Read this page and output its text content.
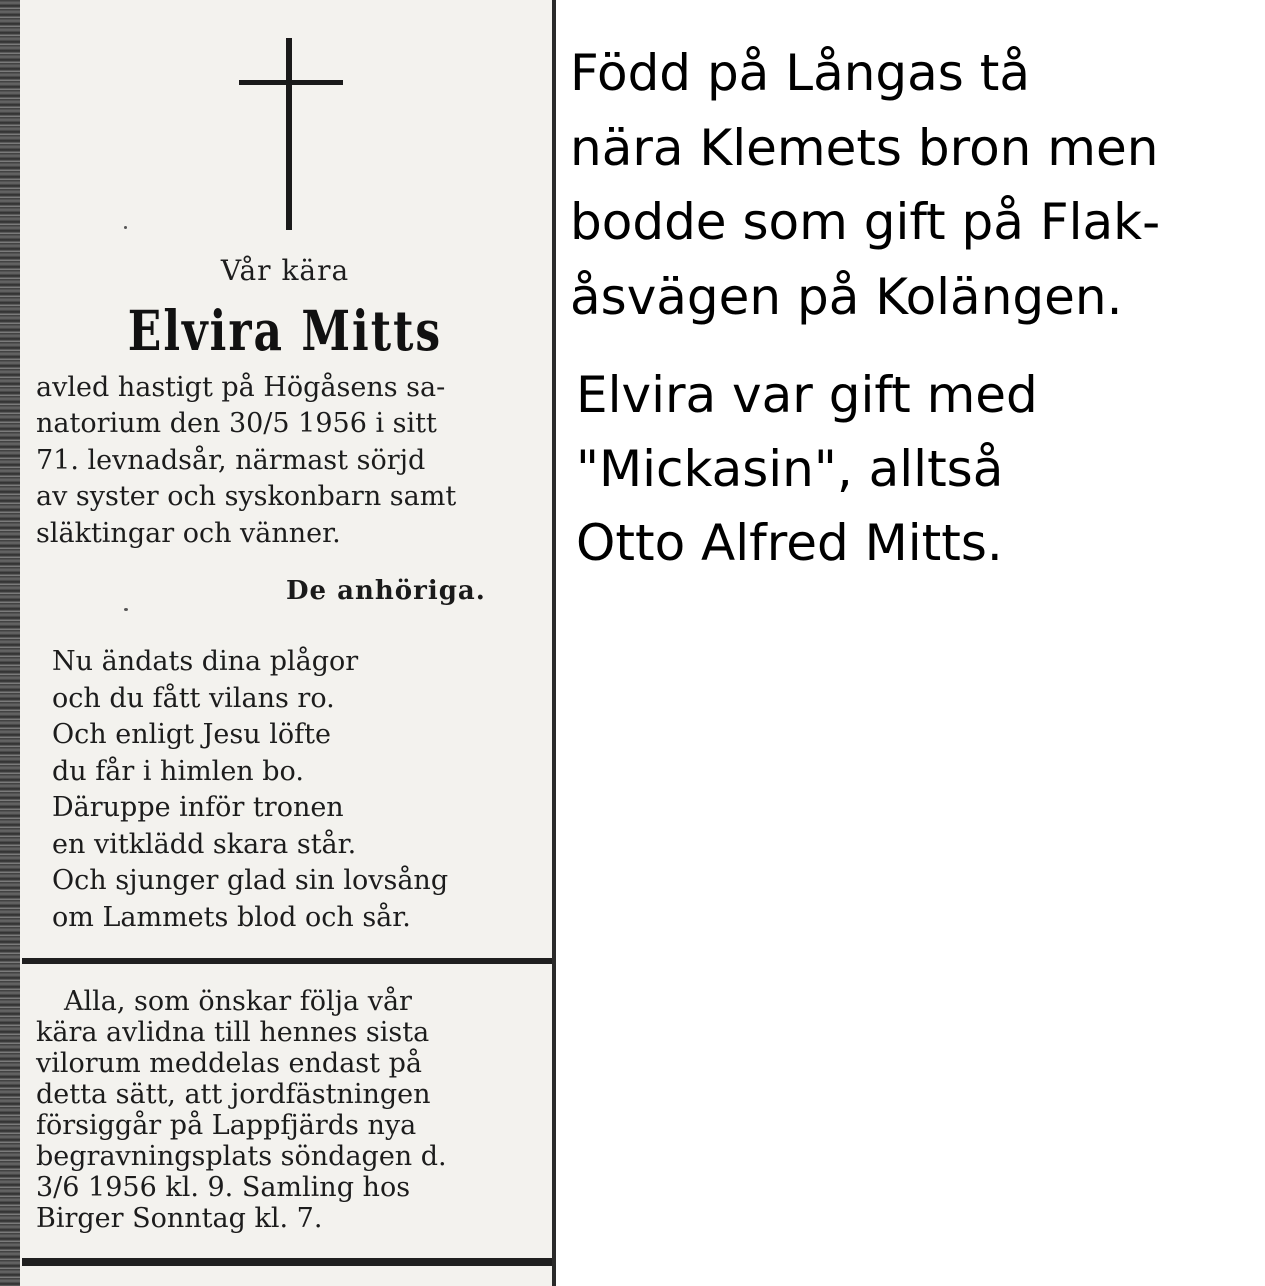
Vår kära
Elvira Mitts

avled hastigt på Högåsens sa-
natorium den 30/5 1956 i sitt
71. levnadsår, närmast sörjd
av syster och syskonbarn samt
släktingar och vänner.

De anhöriga.
Nu ändats dina plågor
och du fått vilans ro.
Och enligt Jesu löfte
du får i himlen bo.
Däruppe inför tronen
en vitklädd skara står.
Och sjunger glad sin lovsång
om Lammets blod och sår.
Alla, som önskar följa vår
kära avlidna till hennes sista
vilorum meddelas endast på
detta sätt, att jordfästningen
försiggår på Lappfjärds nya
begravningsplats söndagen d.
3/6 1956 kl. 9. Samling hos
Birger Sonntag kl. 7.
Född på Långas tå
nära Klemets bron men
bodde som gift på Flak-
åsvägen på Kolängen.
Elvira var gift med
"Mickasin", alltså
Otto Alfred Mitts.
